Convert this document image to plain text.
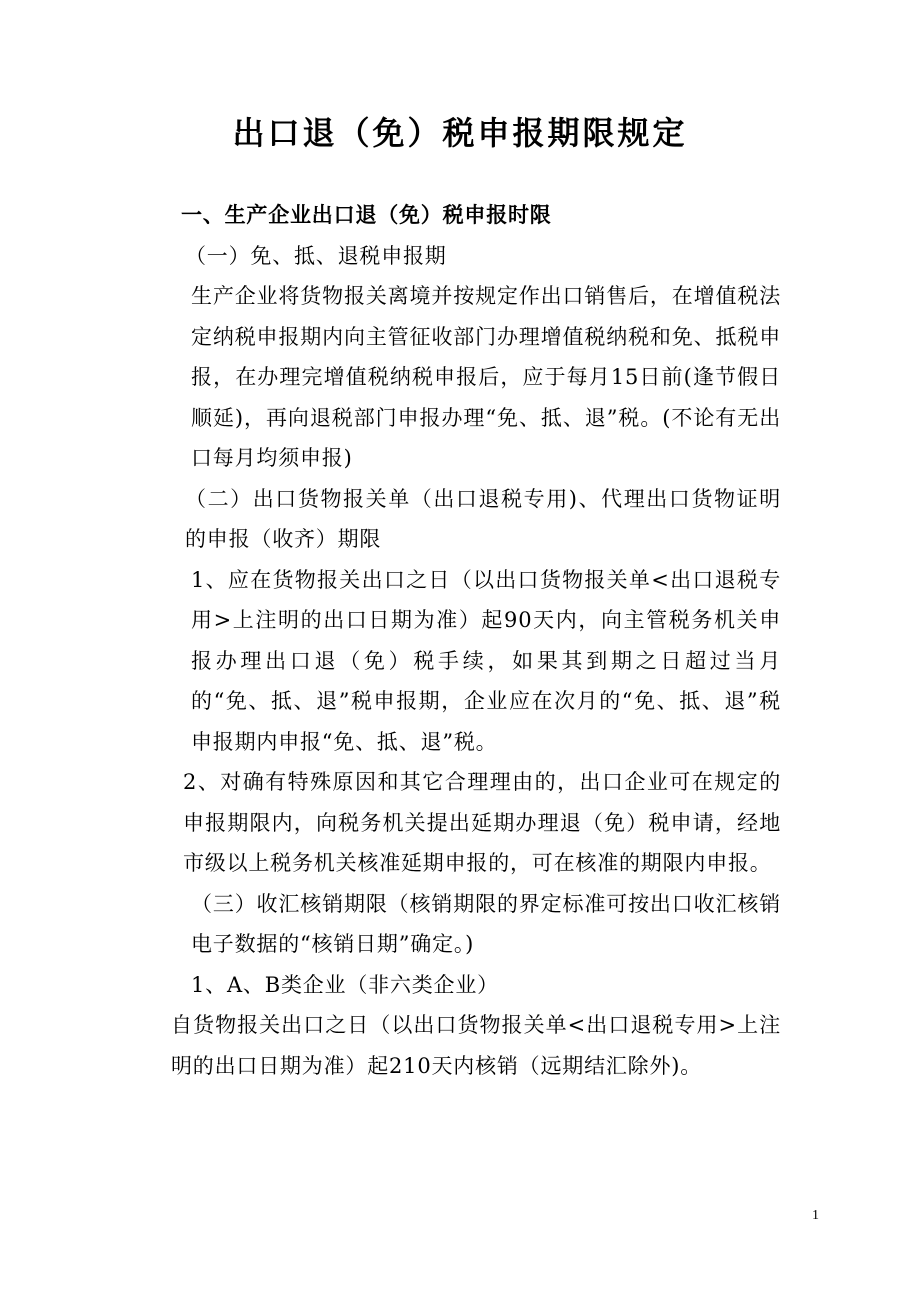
出口退（免）税申报期限规定

一、生产企业出口退（免）税申报时限

（一）免、抵、退税申报期

生产企业将货物报关离境并按规定作出口销售后，在增值税法定纳税申报期内向主管征收部门办理增值税纳税和免、抵税申报，在办理完增值税纳税申报后，应于每月15日前(逢节假日顺延)，再向退税部门申报办理“免、抵、退”税。(不论有无出口每月均须申报)

（二）出口货物报关单（出口退税专用)、代理出口货物证明的申报（收齐）期限

1、应在货物报关出口之日（以出口货物报关单<出口退税专用>上注明的出口日期为准）起90天内，向主管税务机关申报办理出口退（免）税手续，如果其到期之日超过当月的“免、抵、退”税申报期，企业应在次月的“免、抵、退”税申报期内申报“免、抵、退”税。

2、对确有特殊原因和其它合理理由的，出口企业可在规定的申报期限内，向税务机关提出延期办理退（免）税申请，经地市级以上税务机关核准延期申报的，可在核准的期限内申报。

（三）收汇核销期限（核销期限的界定标准可按出口收汇核销电子数据的“核销日期”确定。)

1、A、B类企业（非六类企业）

自货物报关出口之日（以出口货物报关单<出口退税专用>上注明的出口日期为准）起210天内核销（远期结汇除外)。

1
